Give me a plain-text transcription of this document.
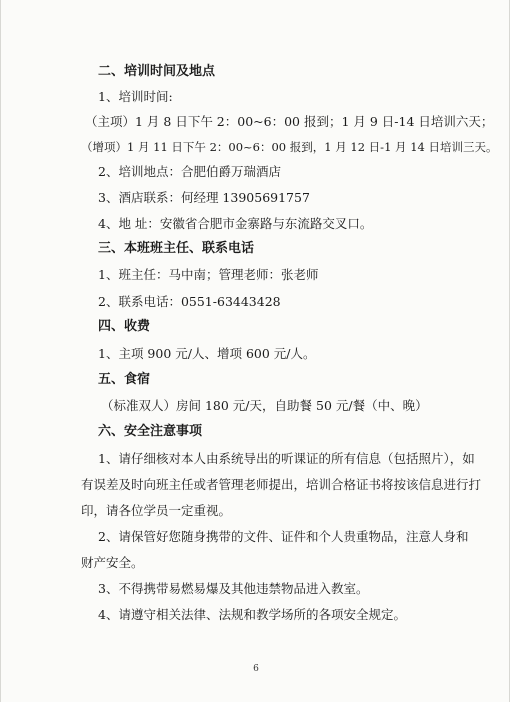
二、培训时间及地点
1、培训时间:
（主项）1 月 8 日下午 2：00~6：00 报到；1 月 9 日-14 日培训六天；
（增项）1 月 11 日下午 2：00~6：00 报到，1 月 12 日-1 月 14 日培训三天。
2、培训地点：合肥伯爵万瑞酒店
3、酒店联系：何经理 13905691757
4、地 址：安徽省合肥市金寨路与东流路交叉口。
三、本班班主任、联系电话
1、班主任：马中南；管理老师：张老师
2、联系电话：0551-63443428
四、收费
1、主项 900 元/人、增项 600 元/人。
五、食宿
（标准双人）房间 180 元/天，自助餐 50 元/餐（中、晚）
六、安全注意事项
1、请仔细核对本人由系统导出的听课证的所有信息（包括照片），如
有误差及时向班主任或者管理老师提出，培训合格证书将按该信息进行打
印，请各位学员一定重视。
2、请保管好您随身携带的文件、证件和个人贵重物品，注意人身和
财产安全。
3、不得携带易燃易爆及其他违禁物品进入教室。
4、请遵守相关法律、法规和教学场所的各项安全规定。
6
